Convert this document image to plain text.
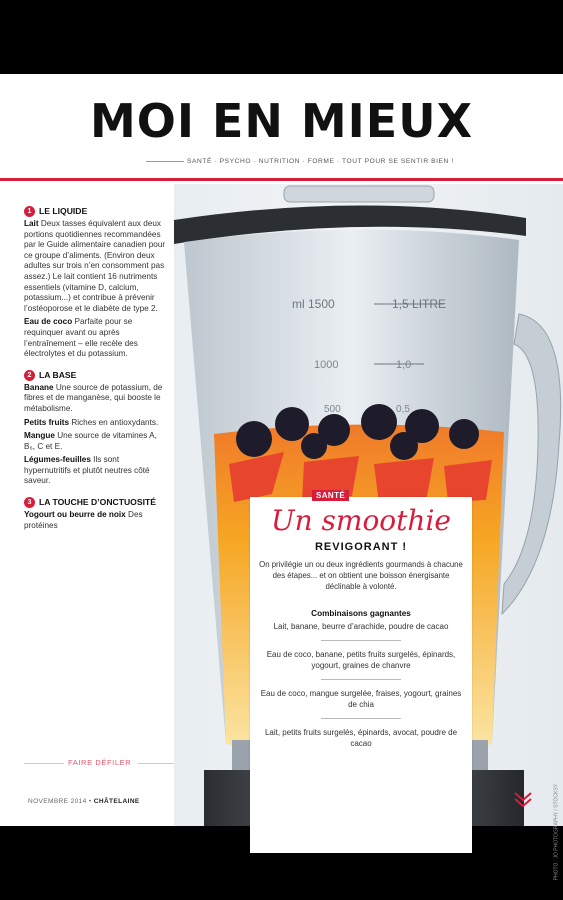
MOI EN MIEUX
SANTÉ · PSYCHO · NUTRITION · FORME · TOUT POUR SE SENTIR BIEN !
ml 1500	1,5 LITRE
1000	1,0
500	0,5
PHOTO : JO PHOTOGRAPHY / STOCKSY
1 LE LIQUIDE

Lait Deux tasses équivalent aux deux portions quotidiennes recommandées par le Guide alimentaire canadien pour ce groupe d’aliments. (Environ deux adultes sur trois n’en consomment pas assez.) Le lait contient 16 nutriments essentiels (vitamine D, calcium, potassium...) et contribue à prévenir l’ostéoporose et le diabète de type 2.

Eau de coco Parfaite pour se requinquer avant ou après l’entraînement – elle recèle des électrolytes et du potassium.

2 LA BASE

Banane Une source de potassium, de fibres et de manganèse, qui booste le métabolisme.

Petits fruits Riches en antioxydants.

Mangue Une source de vitamines A, B₆, C et E.

Légumes-feuilles Ils sont hypernutritifs et plutôt neutres côté saveur.

3 LA TOUCHE D’ONCTUOSITÉ

Yogourt ou beurre de noix Des protéines

FAIRE DÉFILER
NOVEMBRE 2014 • CHÂTELAINE
SANTÉ
Un smoothie
REVIGORANT !

On privilégie un ou deux ingrédients gourmands à chacune des étapes... et on obtient une boisson énergisante déclinable à volonté.

Combinaisons gagnantes
Lait, banane, beurre d’arachide, poudre de cacao
Eau de coco, banane, petits fruits surgelés, épinards, yogourt, graines de chanvre
Eau de coco, mangue surgelée, fraises, yogourt, graines de chia
Lait, petits fruits surgelés, épinards, avocat, poudre de cacao
1 / 6
